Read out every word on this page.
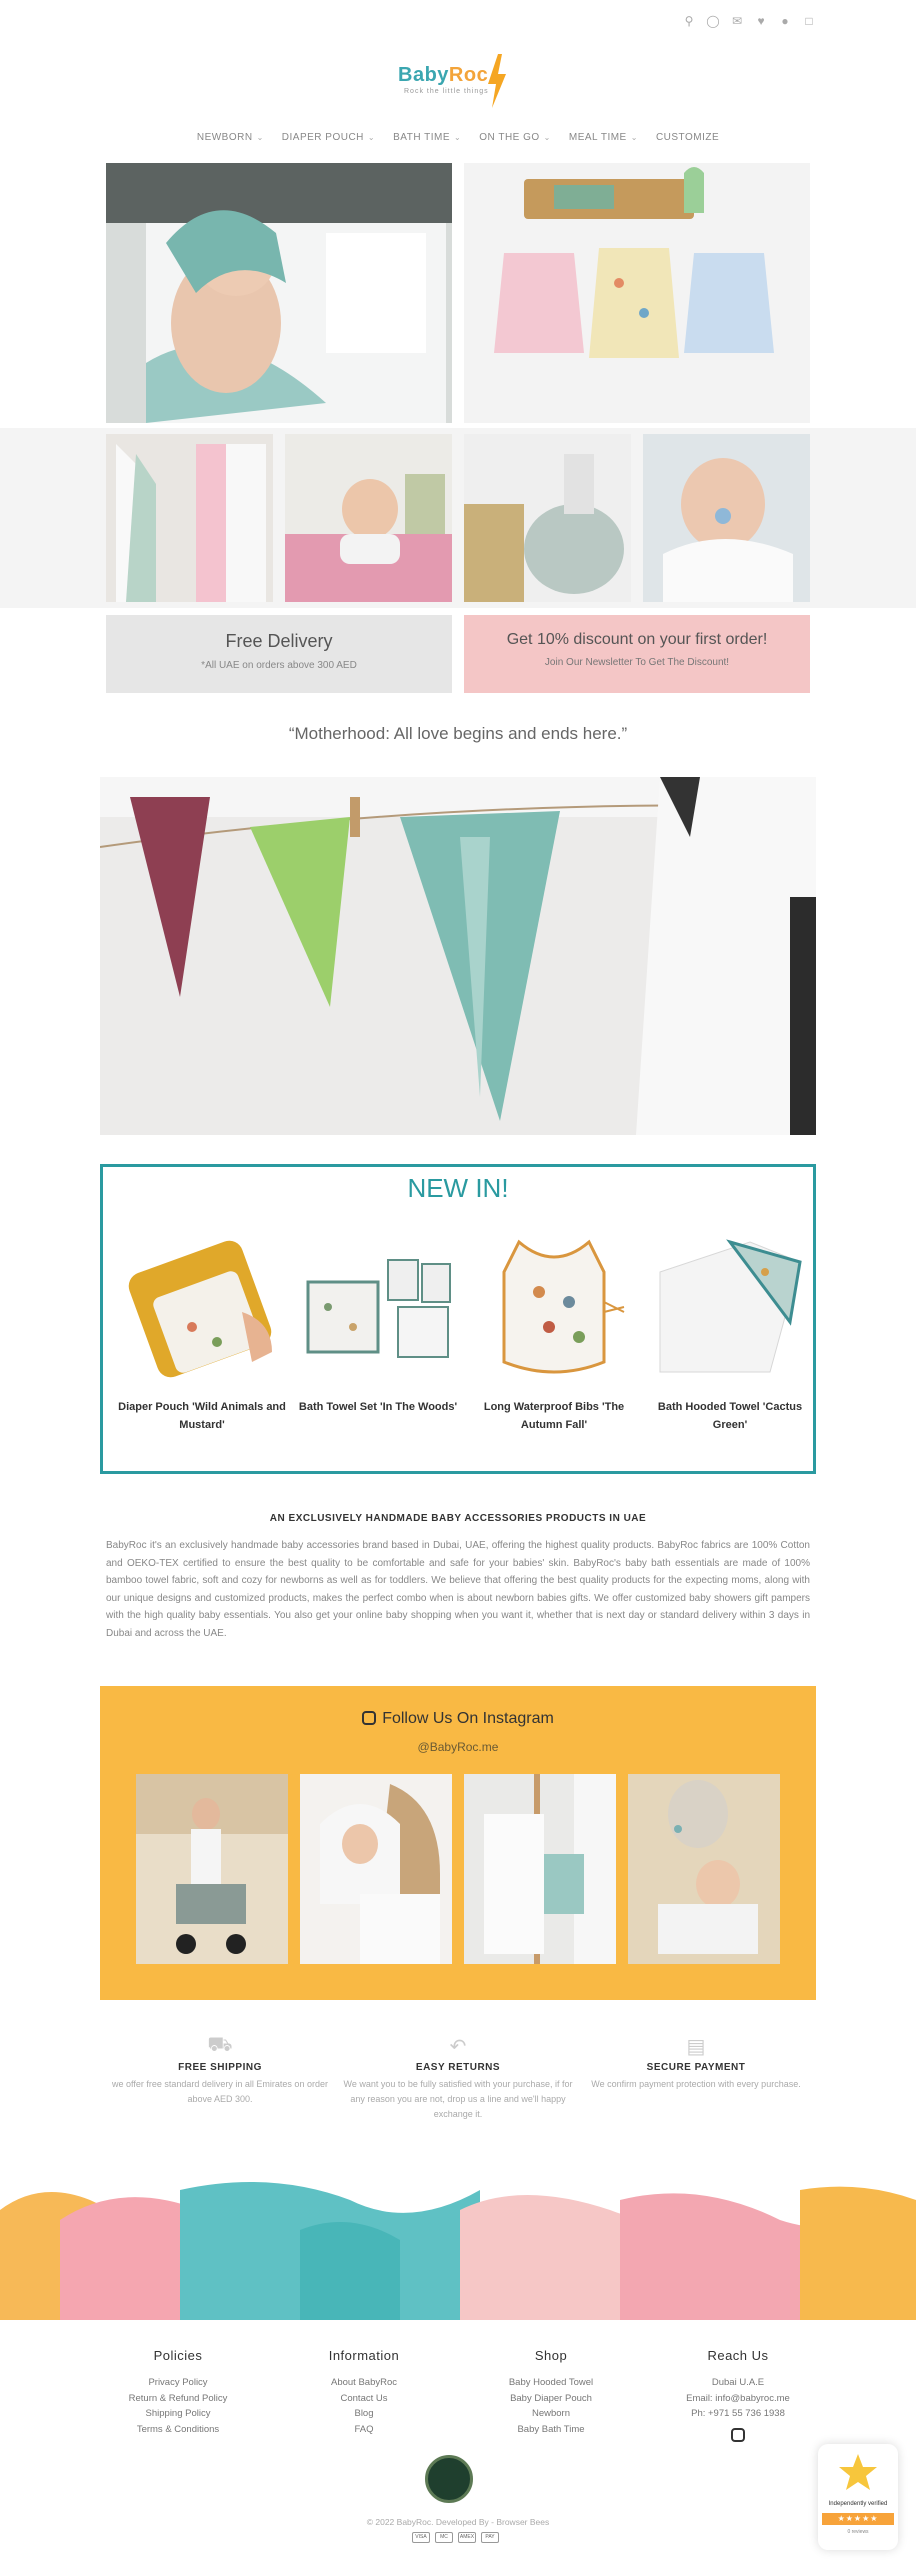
⚲ ◯ ✉ ♥ ● □
BabyRoc
Rock the little things
NEWBORN ⌄ DIAPER POUCH ⌄ BATH TIME ⌄ ON THE GO ⌄ MEAL TIME ⌄ CUSTOMIZE
Free Delivery

*All UAE on orders above 300 AED

Get 10% discount on your first order!

Join Our Newsletter To Get The Discount!

“Motherhood: All love begins and ends here.”
NEW IN!
Diaper Pouch 'Wild Animals and Mustard'
Bath Towel Set 'In The Woods'	Long Waterproof Bibs 'The Autumn Fall'
Bath Hooded Towel 'Cactus Green'
AN EXCLUSIVELY HANDMADE BABY ACCESSORIES PRODUCTS IN UAE
BabyRoc it's an exclusively handmade baby accessories brand based in Dubai, UAE, offering the highest quality products. BabyRoc fabrics are 100% Cotton and OEKO-TEX certified to ensure the best quality to be comfortable and safe for your babies' skin. BabyRoc's baby bath essentials are made of 100% bamboo towel fabric, soft and cozy for newborns as well as for toddlers. We believe that offering the best quality products for the expecting moms, along with our unique designs and customized products, makes the perfect combo when is about newborn babies gifts. We offer customized baby showers gift pampers with the high quality baby essentials. You also get your online baby shopping when you want it, whether that is next day or standard delivery within 3 days in Dubai and across the UAE.
Follow Us On Instagram
@BabyRoc.me
⛟
FREE SHIPPING

we offer free standard delivery in all Emirates on order above AED 300.

↶
EASY RETURNS

We want you to be fully satisfied with your purchase, if for any reason you are not, drop us a line and we'll happy exchange it.

▤
SECURE PAYMENT

We confirm payment protection with every purchase.

Policies
Privacy Policy
Return & Refund Policy
Shipping Policy
Terms & Conditions
Information
About BabyRoc
Contact Us
Blog
FAQ
Shop
Baby Hooded Towel
Baby Diaper Pouch
Newborn
Baby Bath Time
Reach Us
Dubai U.A.E
Email: info@babyroc.me
Ph: +971 55 736 1938
© 2022 BabyRoc. Developed By - Browser Bees
VISA	MC	AMEX	PAY
Independently verified
★★★★★
0 reviews
